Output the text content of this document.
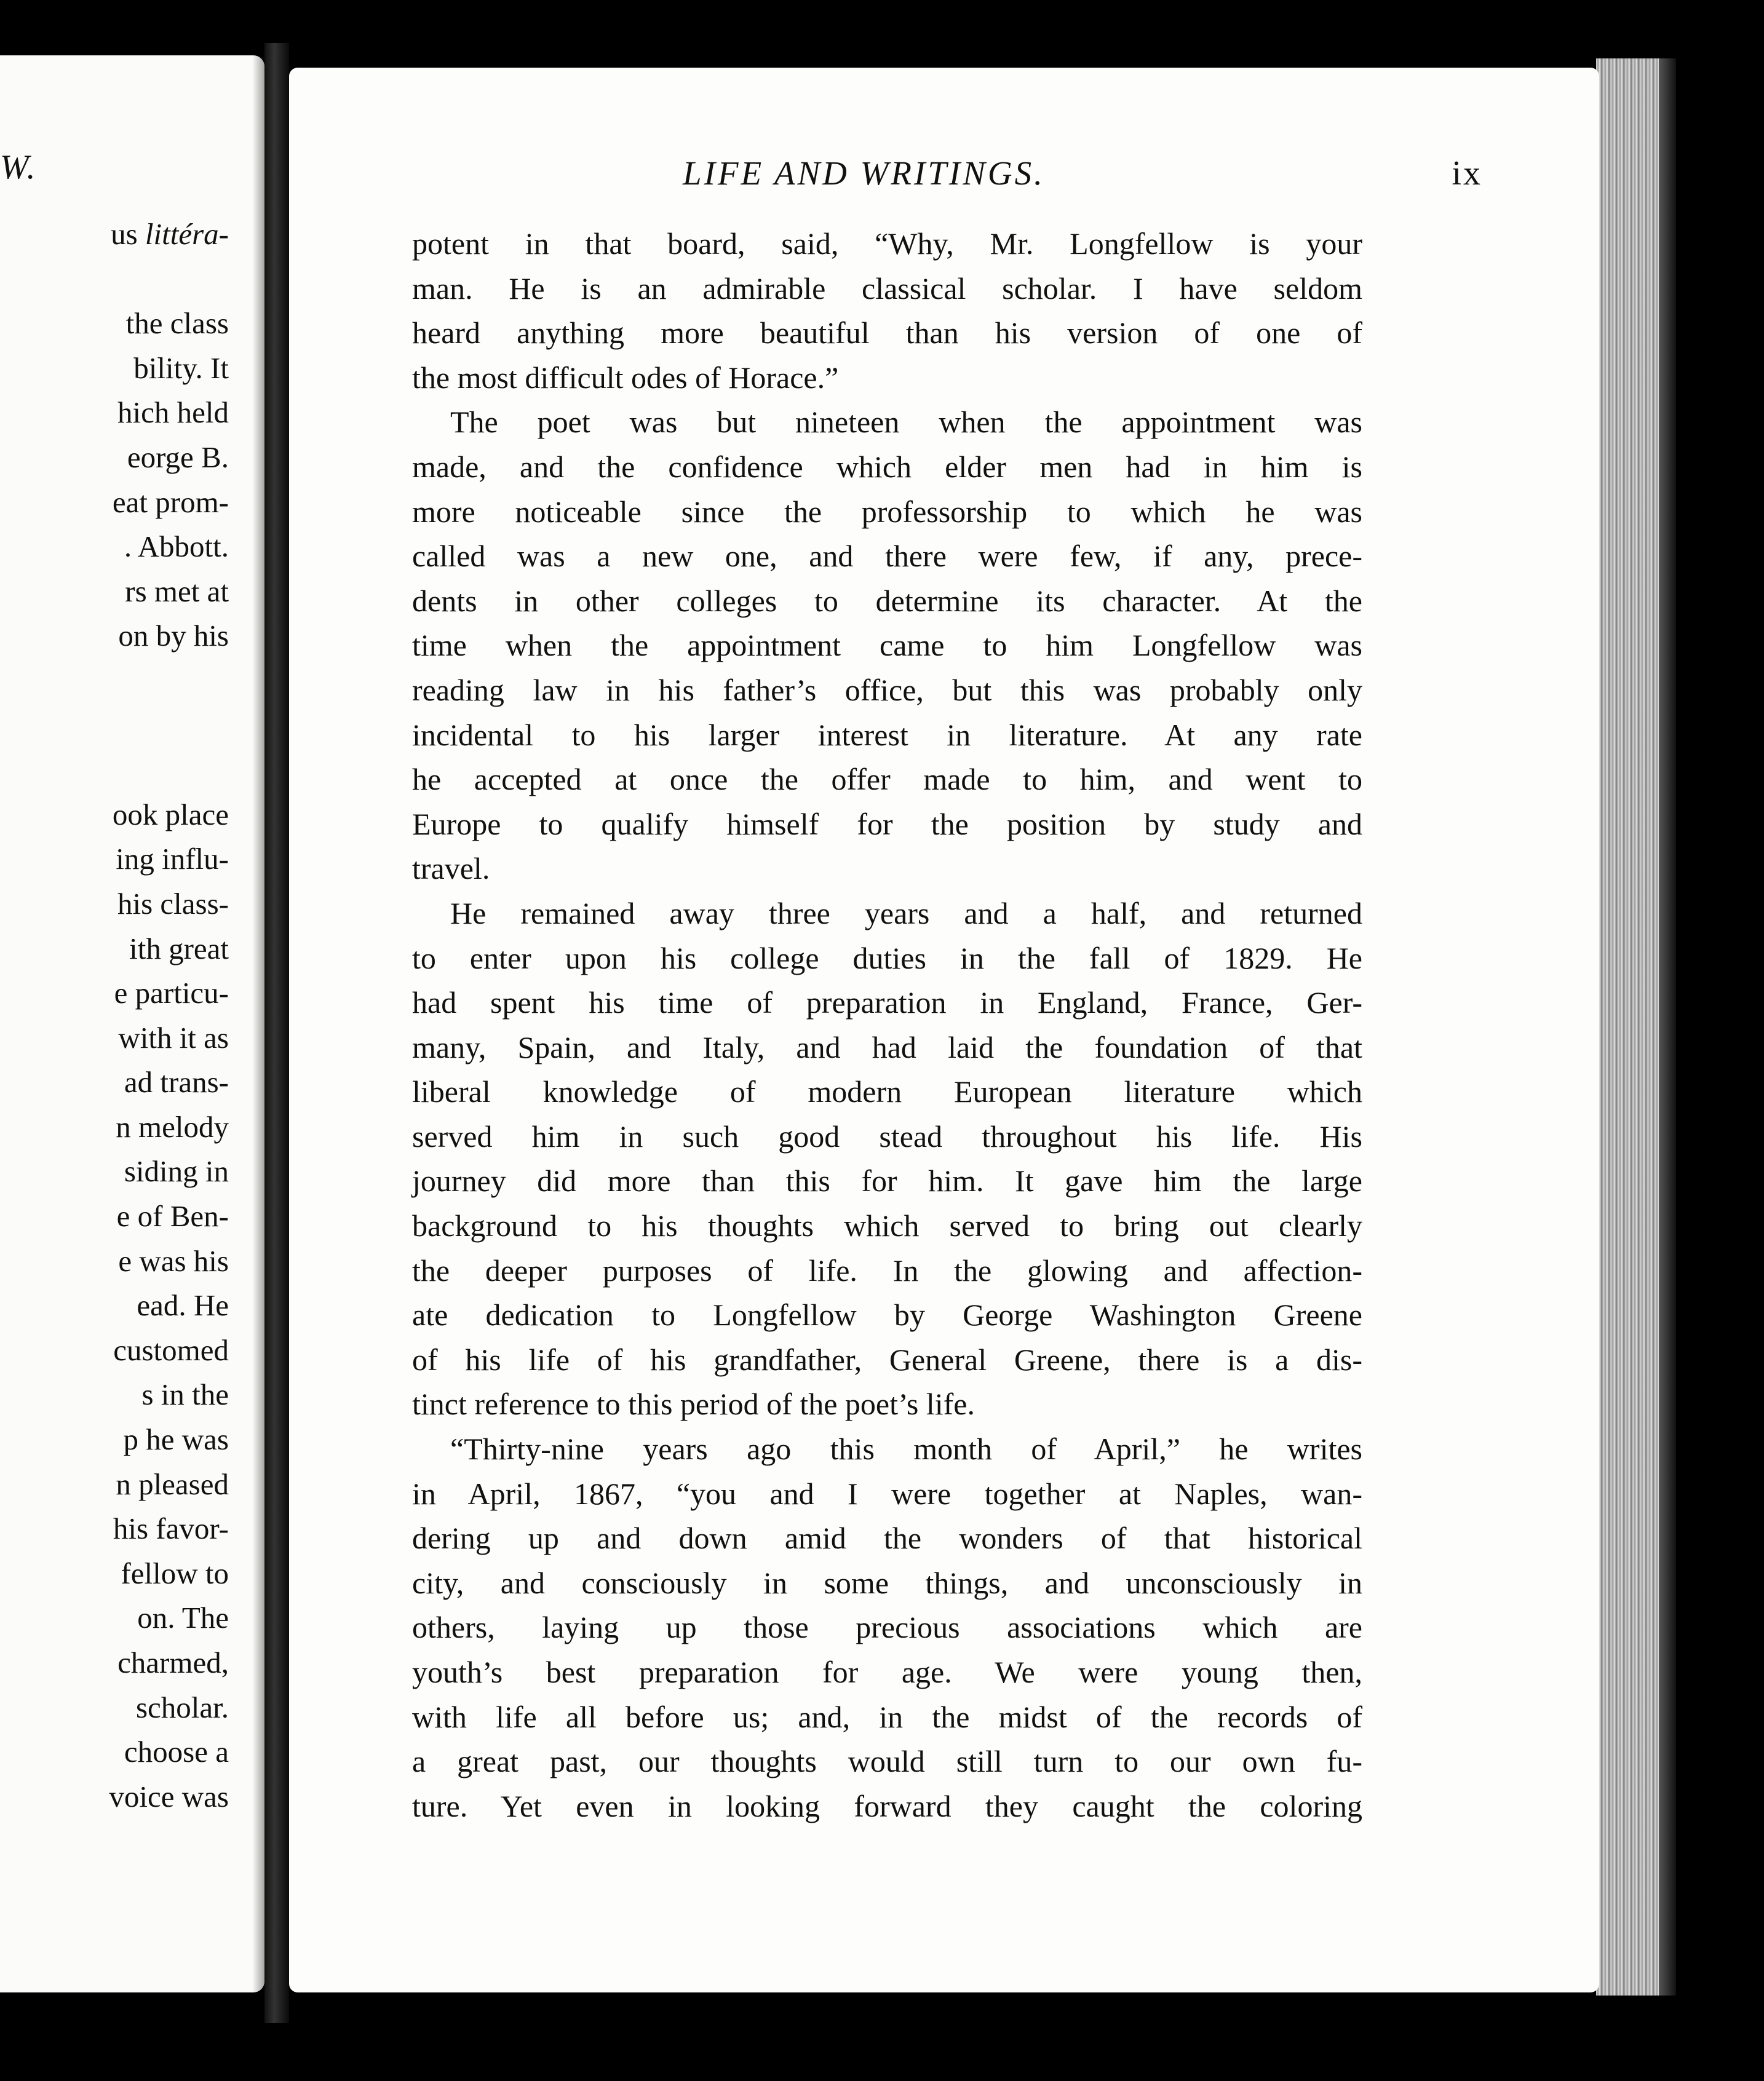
W.
us littéra-
the class
bility. It
hich held
eorge B.
eat prom-
. Abbott.
rs met at
on by his
ook place
ing influ-
his class-
ith great
e particu-
with it as
ad trans-
n melody
siding in
e of Ben-
e was his
ead. He
customed
s in the
p he was
n pleased
his favor-
fellow to
on. The
charmed,
scholar.
choose a
voice was
LIFE AND WRITINGS.	ix
potent in that board, said, “Why, Mr. Longfellow is your
man. He is an admirable classical scholar. I have seldom
heard anything more beautiful than his version of one of
the most difficult odes of Horace.”
The poet was but nineteen when the appointment was
made, and the confidence which elder men had in him is
more noticeable since the professorship to which he was
called was a new one, and there were few, if any, prece-
dents in other colleges to determine its character. At the
time when the appointment came to him Longfellow was
reading law in his father’s office, but this was probably only
incidental to his larger interest in literature. At any rate
he accepted at once the offer made to him, and went to
Europe to qualify himself for the position by study and
travel.
He remained away three years and a half, and returned
to enter upon his college duties in the fall of 1829. He
had spent his time of preparation in England, France, Ger-
many, Spain, and Italy, and had laid the foundation of that
liberal knowledge of modern European literature which
served him in such good stead throughout his life. His
journey did more than this for him. It gave him the large
background to his thoughts which served to bring out clearly
the deeper purposes of life. In the glowing and affection-
ate dedication to Longfellow by George Washington Greene
of his life of his grandfather, General Greene, there is a dis-
tinct reference to this period of the poet’s life.
“Thirty-nine years ago this month of April,” he writes
in April, 1867, “you and I were together at Naples, wan-
dering up and down amid the wonders of that historical
city, and consciously in some things, and unconsciously in
others, laying up those precious associations which are
youth’s best preparation for age. We were young then,
with life all before us; and, in the midst of the records of
a great past, our thoughts would still turn to our own fu-
ture. Yet even in looking forward they caught the coloring
